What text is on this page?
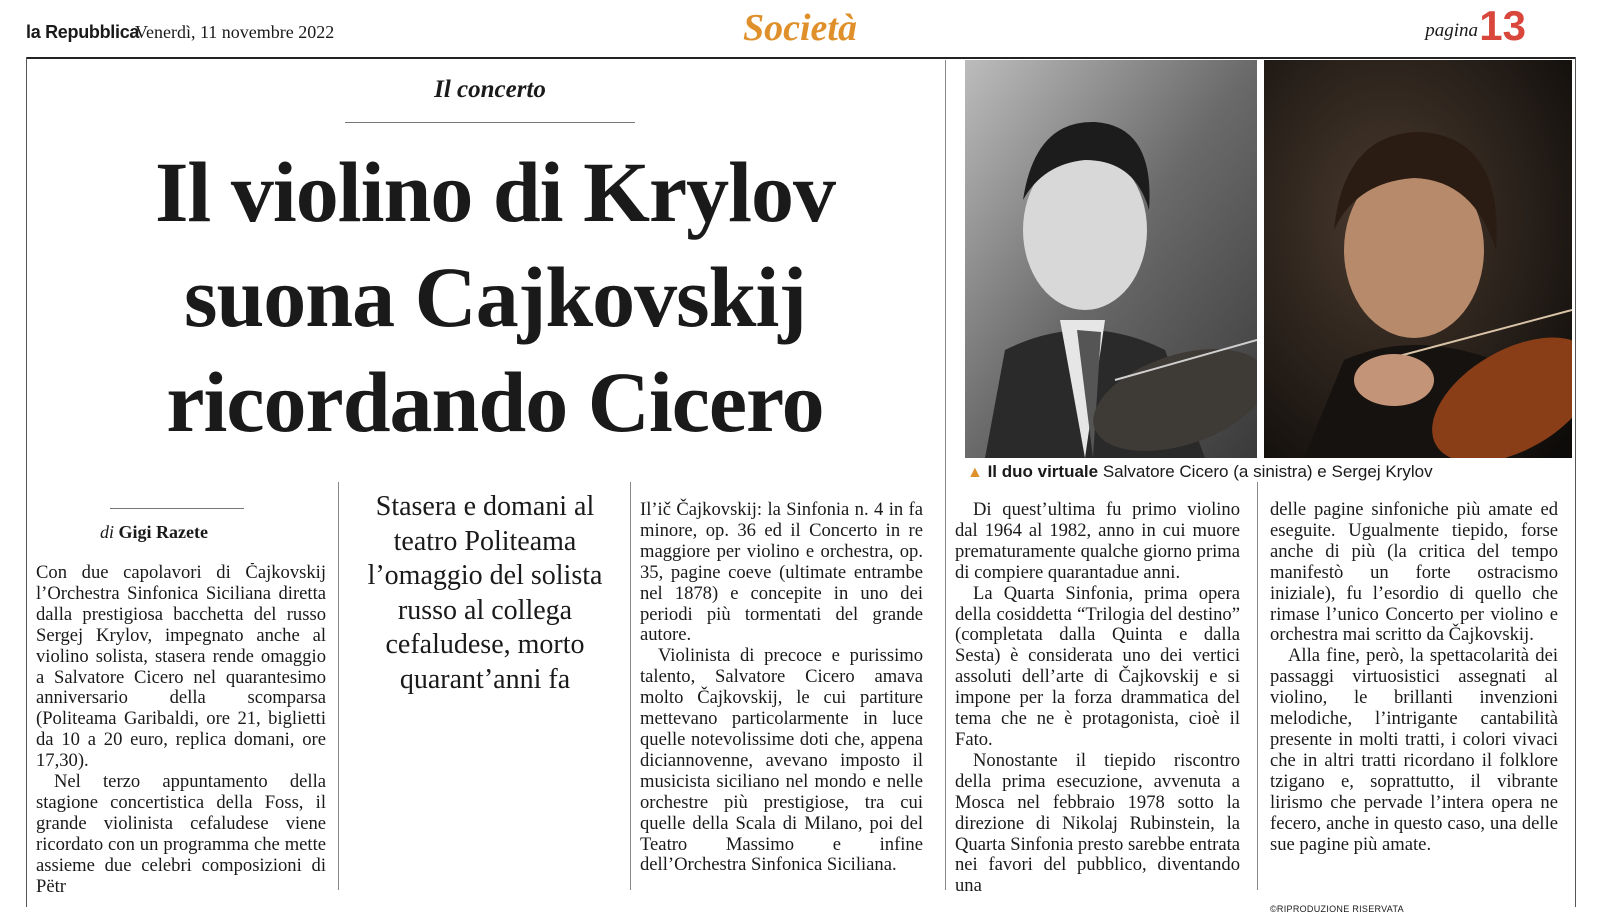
la Repubblica
Venerdì, 11 novembre 2022	Società	pagina 13
Il concerto
Il violino di Krylov
suona Cajkovskij
ricordando Cicero
▲ Il duo virtuale Salvatore Cicero (a sinistra) e Sergej Krylov
di Gigi Razete

Con due capolavori di Čajkovskij l’Orchestra Sinfonica Siciliana diretta dalla prestigiosa bacchetta del russo Sergej Krylov, impegnato anche al violino solista, stasera rende omaggio a Salvatore Cicero nel quarantesimo anniversario della scomparsa (Politeama Garibaldi, ore 21, biglietti da 10 a 20 euro, replica domani, ore 17,30).

Nel terzo appuntamento della stagione concertistica della Foss, il grande violinista cefaludese viene ricordato con un programma che mette assieme due celebri composizioni di Pëtr

Stasera e domani al teatro Politeama l’omaggio del solista russo al collega cefaludese, morto quarant’anni fa

Il’ič Čajkovskij: la Sinfonia n. 4 in fa minore, op. 36 ed il Concerto in re maggiore per violino e orchestra, op. 35, pagine coeve (ultimate entrambe nel 1878) e concepite in uno dei periodi più tormentati del grande autore.

Violinista di precoce e purissimo talento, Salvatore Cicero amava molto Čajkovskij, le cui partiture mettevano particolarmente in luce quelle notevolissime doti che, appena diciannovenne, avevano imposto il musicista siciliano nel mondo e nelle orchestre più prestigiose, tra cui quelle della Scala di Milano, poi del Teatro Massimo e infine dell’Orchestra Sinfonica Siciliana.

Di quest’ultima fu primo violino dal 1964 al 1982, anno in cui muore prematuramente qualche giorno prima di compiere quarantadue anni.

La Quarta Sinfonia, prima opera della cosiddetta “Trilogia del destino” (completata dalla Quinta e dalla Sesta) è considerata uno dei vertici assoluti dell’arte di Čajkovskij e si impone per la forza drammatica del tema che ne è protagonista, cioè il Fato.

Nonostante il tiepido riscontro della prima esecuzione, avvenuta a Mosca nel febbraio 1978 sotto la direzione di Nikolaj Rubinstein, la Quarta Sinfonia presto sarebbe entrata nei favori del pubblico, diventando una

delle pagine sinfoniche più amate ed eseguite. Ugualmente tiepido, forse anche di più (la critica del tempo manifestò un forte ostracismo iniziale), fu l’esordio di quello che rimase l’unico Concerto per violino e orchestra mai scritto da Čajkovskij.

Alla fine, però, la spettacolarità dei passaggi virtuosistici assegnati al violino, le brillanti invenzioni melodiche, l’intrigante cantabilità presente in molti tratti, i colori vivaci che in altri tratti ricordano il folklore tzigano e, soprattutto, il vibrante lirismo che pervade l’intera opera ne fecero, anche in questo caso, una delle sue pagine più amate.

©RIPRODUZIONE RISERVATA
